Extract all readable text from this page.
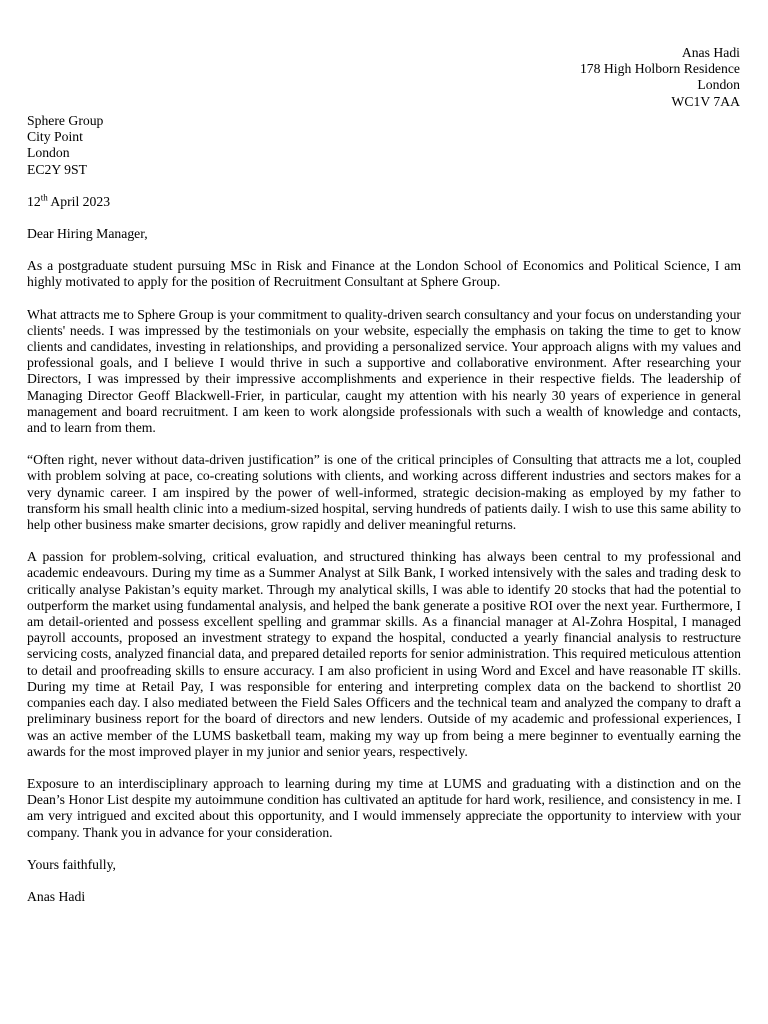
Anas Hadi
178 High Holborn Residence
London
WC1V 7AA
Sphere Group
City Point
London
EC2Y 9ST
12th April 2023
Dear Hiring Manager,

As a postgraduate student pursuing MSc in Risk and Finance at the London School of Economics and Political Science, I am highly motivated to apply for the position of Recruitment Consultant at Sphere Group.

What attracts me to Sphere Group is your commitment to quality-driven search consultancy and your focus on understanding your clients' needs. I was impressed by the testimonials on your website, especially the emphasis on taking the time to get to know clients and candidates, investing in relationships, and providing a personalized service. Your approach aligns with my values and professional goals, and I believe I would thrive in such a supportive and collaborative environment. After researching your Directors, I was impressed by their impressive accomplishments and experience in their respective fields. The leadership of Managing Director Geoff Blackwell-Frier, in particular, caught my attention with his nearly 30 years of experience in general management and board recruitment. I am keen to work alongside professionals with such a wealth of knowledge and contacts, and to learn from them.

“Often right, never without data-driven justification” is one of the critical principles of Consulting that attracts me a lot, coupled with problem solving at pace, co-creating solutions with clients, and working across different industries and sectors makes for a very dynamic career. I am inspired by the power of well-informed, strategic decision-making as employed by my father to transform his small health clinic into a medium-sized hospital, serving hundreds of patients daily. I wish to use this same ability to help other business make smarter decisions, grow rapidly and deliver meaningful returns.

A passion for problem-solving, critical evaluation, and structured thinking has always been central to my professional and academic endeavours. During my time as a Summer Analyst at Silk Bank, I worked intensively with the sales and trading desk to critically analyse Pakistan’s equity market. Through my analytical skills, I was able to identify 20 stocks that had the potential to outperform the market using fundamental analysis, and helped the bank generate a positive ROI over the next year. Furthermore, I am detail-oriented and possess excellent spelling and grammar skills. As a financial manager at Al-Zohra Hospital, I managed payroll accounts, proposed an investment strategy to expand the hospital, conducted a yearly financial analysis to restructure servicing costs, analyzed financial data, and prepared detailed reports for senior administration. This required meticulous attention to detail and proofreading skills to ensure accuracy. I am also proficient in using Word and Excel and have reasonable IT skills. During my time at Retail Pay, I was responsible for entering and interpreting complex data on the backend to shortlist 20 companies each day. I also mediated between the Field Sales Officers and the technical team and analyzed the company to draft a preliminary business report for the board of directors and new lenders. Outside of my academic and professional experiences, I was an active member of the LUMS basketball team, making my way up from being a mere beginner to eventually earning the awards for the most improved player in my junior and senior years, respectively.

Exposure to an interdisciplinary approach to learning during my time at LUMS and graduating with a distinction and on the Dean’s Honor List despite my autoimmune condition has cultivated an aptitude for hard work, resilience, and consistency in me. I am very intrigued and excited about this opportunity, and I would immensely appreciate the opportunity to interview with your company. Thank you in advance for your consideration.

Yours faithfully,
Anas Hadi
